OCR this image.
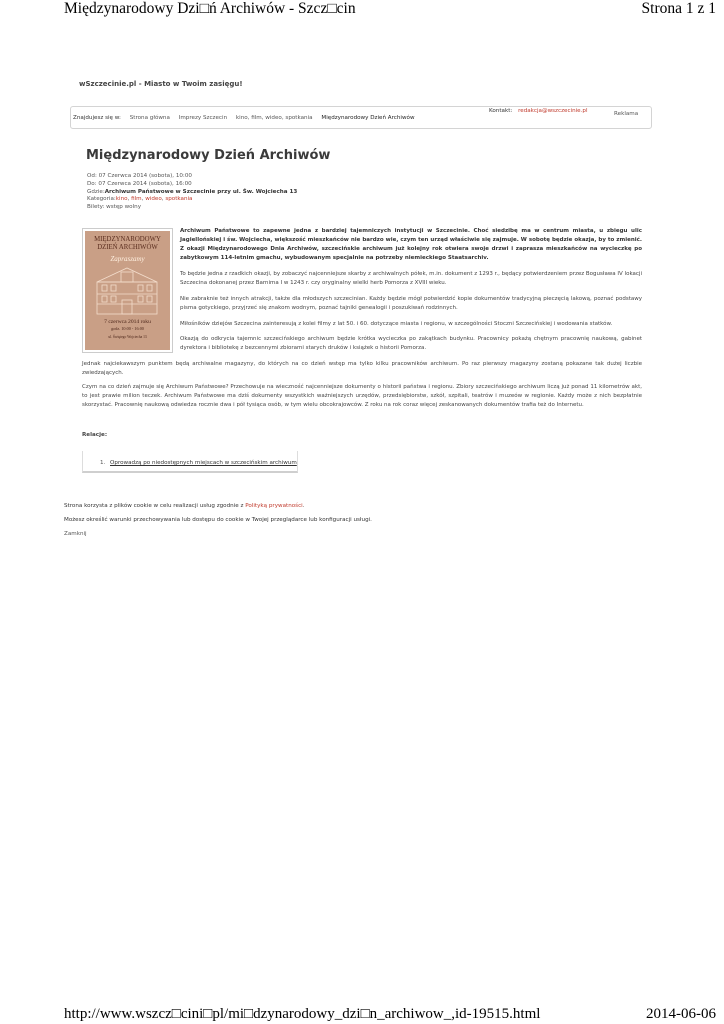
Międzynarodowy Dzi□ń Archiwów - Szcz□cin	Strona 1 z 1
wSzczecinie.pl - Miasto w Twoim zasięgu!
Znajdujesz się w: Strona główna Imprezy Szczecin kino, film, wideo, spotkania Międzynarodowy Dzień Archiwów
Kontakt: redakcja@wszczecinie.pl	Reklama
Międzynarodowy Dzień Archiwów
Od: 07 Czerwca 2014 (sobota), 10:00
Do: 07 Czerwca 2014 (sobota), 16:00
Gdzie:Archiwum Państwowe w Szczecinie przy ul. Św. Wojciecha 13
Kategoria:kino, film, wideo, spotkania
Bilety: wstęp wolny
MIĘDZYNARODOWY
DZIEŃ ARCHIWÓW
Zapraszamy
7 czerwca 2014 roku
godz. 10:00 - 16:00
ul. Świętego Wojciecha 13

Archiwum Państwowe to zapewne jedna z bardziej tajemniczych instytucji w Szczecinie. Choć siedzibę ma w centrum miasta, u zbiegu ulic Jagiellońskiej i św. Wojciecha, większość mieszkańców nie bardzo wie, czym ten urząd właściwie się zajmuje. W sobotę będzie okazja, by to zmienić. Z okazji Międzynarodowego Dnia Archiwów, szczecińskie archiwum już kolejny rok otwiera swoje drzwi i zaprasza mieszkańców na wycieczkę po zabytkowym 114-letnim gmachu, wybudowanym specjalnie na potrzeby niemieckiego Staatsarchiv.

To będzie jedna z rzadkich okazji, by zobaczyć najcenniejsze skarby z archiwalnych półek, m.in. dokument z 1293 r., będący potwierdzeniem przez Bogusława IV lokacji Szczecina dokonanej przez Barnima I w 1243 r. czy oryginalny wielki herb Pomorza z XVIII wieku.

Nie zabraknie też innych atrakcji, także dla młodszych szczecinian. Każdy będzie mógł potwierdzić kopie dokumentów tradycyjną pieczęcią lakową, poznać podstawy pisma gotyckiego, przyjrzeć się znakom wodnym, poznać tajniki genealogii i poszukiwań rodzinnych.

Miłośników dziejów Szczecina zainteresują z kolei filmy z lat 50. i 60. dotyczące miasta i regionu, w szczególności Stoczni Szczecińskiej i wodowania statków.

Okazją do odkrycia tajemnic szczecińskiego archiwum będzie krótka wycieczka po zakątkach budynku. Pracownicy pokażą chętnym pracownię naukową, gabinet dyrektora i bibliotekę z bezcennymi zbiorami starych druków i książek o historii Pomorza.

Jednak najciekawszym punktem będą archiwalne magazyny, do których na co dzień wstęp ma tylko kilku pracowników archiwum. Po raz pierwszy magazyny zostaną pokazane tak dużej liczbie zwiedzających.

Czym na co dzień zajmuje się Archiwum Państwowe? Przechowuje na wieczność najcenniejsze dokumenty o historii państwa i regionu. Zbiory szczecińskiego archiwum liczą już ponad 11 kilometrów akt, to jest prawie milion teczek. Archiwum Państwowe ma dziś dokumenty wszystkich ważniejszych urzędów, przedsiębiorstw, szkół, szpitali, teatrów i muzeów w regionie. Każdy może z nich bezpłatnie skorzystać. Pracownię naukową odwiedza rocznie dwa i pół tysiąca osób, w tym wielu obcokrajowców. Z roku na rok coraz więcej zeskanowanych dokumentów trafia też do Internetu.

Relacje:
1. Oprowadzą po niedostępnych miejscach w szczecińskim archiwum
Strona korzysta z plików cookie w celu realizacji usług zgodnie z Polityką prywatności.
Możesz określić warunki przechowywania lub dostępu do cookie w Twojej przeglądarce lub konfiguracji usługi.
Zamknij
http://www.wszcz□cini□pl/mi□dzynarodowy_dzi□n_archiwow_,id-19515.html	2014-06-06
